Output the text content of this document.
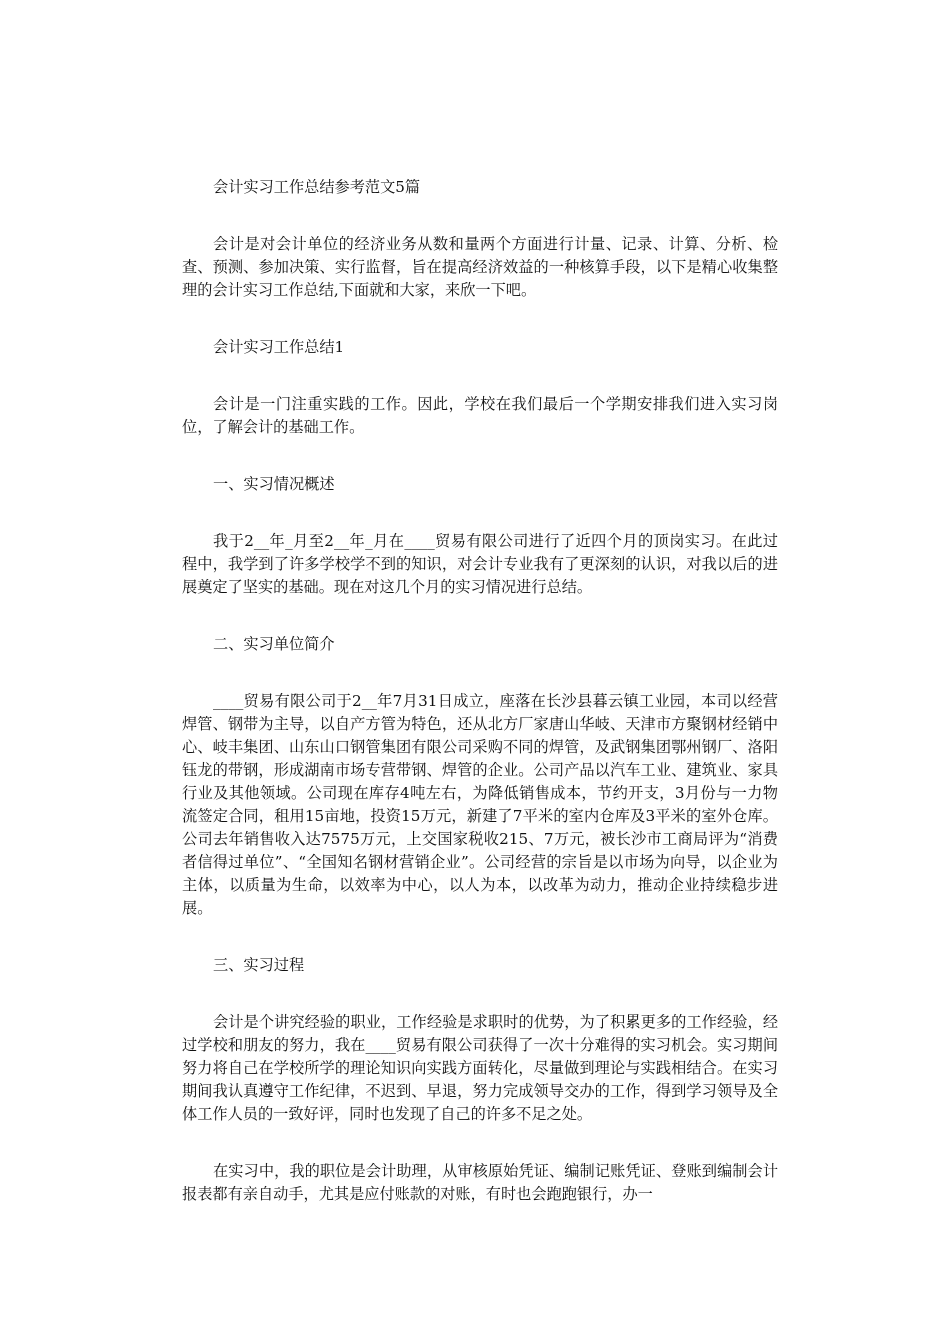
会计实习工作总结参考范文5篇

会计是对会计单位的经济业务从数和量两个方面进行计量、记录、计算、分析、检查、预测、参加决策、实行监督，旨在提高经济效益的一种核算手段，以下是精心收集整理的会计实习工作总结,下面就和大家，来欣一下吧。

会计实习工作总结1

会计是一门注重实践的工作。因此，学校在我们最后一个学期安排我们进入实习岗位，了解会计的基础工作。

一、实习情况概述

我于2__年_月至2__年_月在____贸易有限公司进行了近四个月的顶岗实习。在此过程中，我学到了许多学校学不到的知识，对会计专业我有了更深刻的认识，对我以后的进展奠定了坚实的基础。现在对这几个月的实习情况进行总结。

二、实习单位简介

____贸易有限公司于2__年7月31日成立，座落在长沙县暮云镇工业园，本司以经营焊管、钢带为主导，以自产方管为特色，还从北方厂家唐山华岐、天津市方聚钢材经销中心、岐丰集团、山东山口钢管集团有限公司采购不同的焊管，及武钢集团鄂州钢厂、洛阳钰龙的带钢，形成湖南市场专营带钢、焊管的企业。公司产品以汽车工业、建筑业、家具行业及其他领域。公司现在库存4吨左右，为降低销售成本，节约开支，3月份与一力物流签定合同，租用15亩地，投资15万元，新建了7平米的室内仓库及3平米的室外仓库。公司去年销售收入达7575万元，上交国家税收215、7万元，被长沙市工商局评为“消费者信得过单位”、“全国知名钢材营销企业”。公司经营的宗旨是以市场为向导，以企业为主体，以质量为生命，以效率为中心，以人为本，以改革为动力，推动企业持续稳步进展。

三、实习过程

会计是个讲究经验的职业，工作经验是求职时的优势，为了积累更多的工作经验，经过学校和朋友的努力，我在____贸易有限公司获得了一次十分难得的实习机会。实习期间努力将自己在学校所学的理论知识向实践方面转化，尽量做到理论与实践相结合。在实习期间我认真遵守工作纪律，不迟到、早退，努力完成领导交办的工作，得到学习领导及全体工作人员的一致好评，同时也发现了自己的许多不足之处。

在实习中，我的职位是会计助理，从审核原始凭证、编制记账凭证、登账到编制会计报表都有亲自动手，尤其是应付账款的对账，有时也会跑跑银行，办一
